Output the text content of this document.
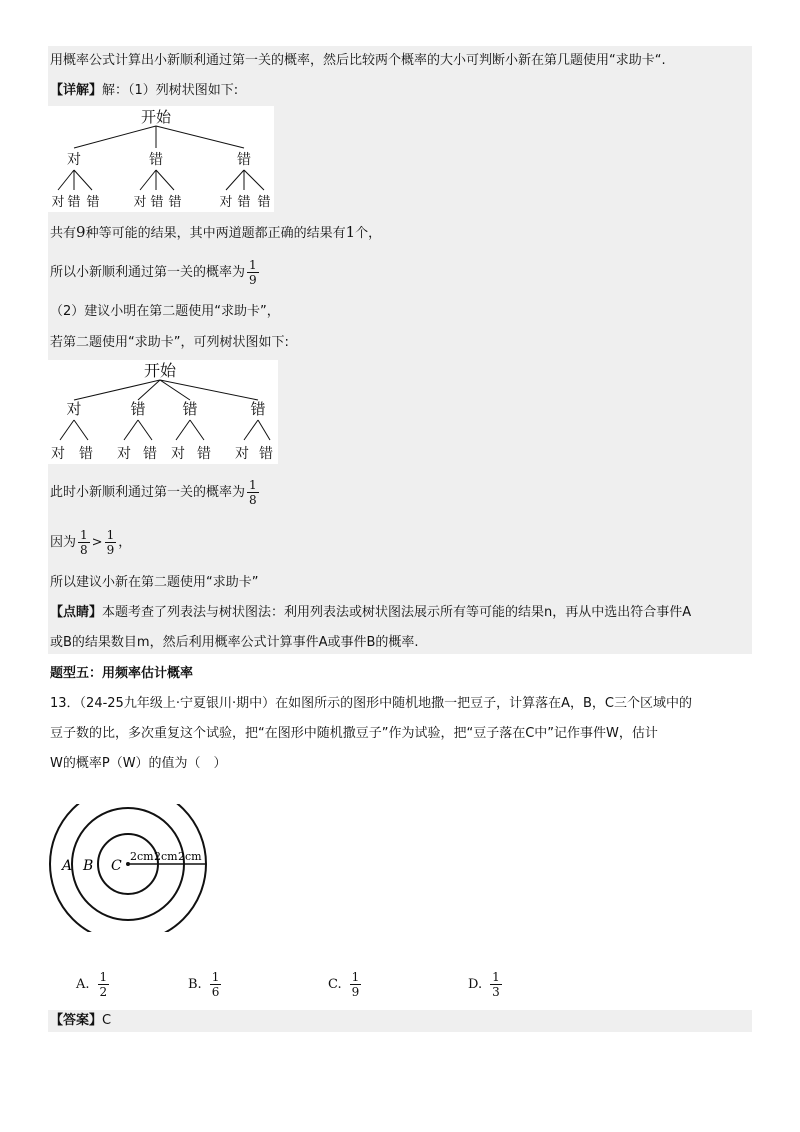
用概率公式计算出小新顺利通过第一关的概率，然后比较两个概率的大小可判断小新在第几题使用“求助卡“.
【详解】解：（1）列树状图如下:
开始
对	错	错
对 错 错	对 错 错	对 错 错
共有9种等可能的结果，其中两道题都正确的结果有1个，
所以小新顺利通过第一关的概率为 $\frac{1}{9}$
（2）建议小明在第二题使用“求助卡”，
若第二题使用“求助卡”，可列树状图如下:
开始
对	错 错	错
对 错 对 错 对 错 对 错
此时小新顺利通过第一关的概率为 $\frac{1}{8}$
因为 $\frac{1}{8} > \frac{1}{9}$ ，
所以建议小新在第二题使用“求助卡”
【点睛】本题考查了列表法与树状图法：利用列表法或树状图法展示所有等可能的结果n，再从中选出符合事件A
或B的结果数目m，然后利用概率公式计算事件A或事件B的概率.
题型五：用频率估计概率
13．（24-25九年级上·宁夏银川·期中）在如图所示的图形中随机地撒一把豆子，计算落在A，B，C三个区域中的
豆子数的比，多次重复这个试验，把“在图形中随机撒豆子”作为试验，把“豆子落在C中”记作事件W，估计
W的概率P（W）的值为（　）
A B C
2cm 2cm 2cm
A. $\frac{1}{2}$	B. $\frac{1}{6}$	C. $\frac{1}{9}$	D. $\frac{1}{3}$
【答案】C
